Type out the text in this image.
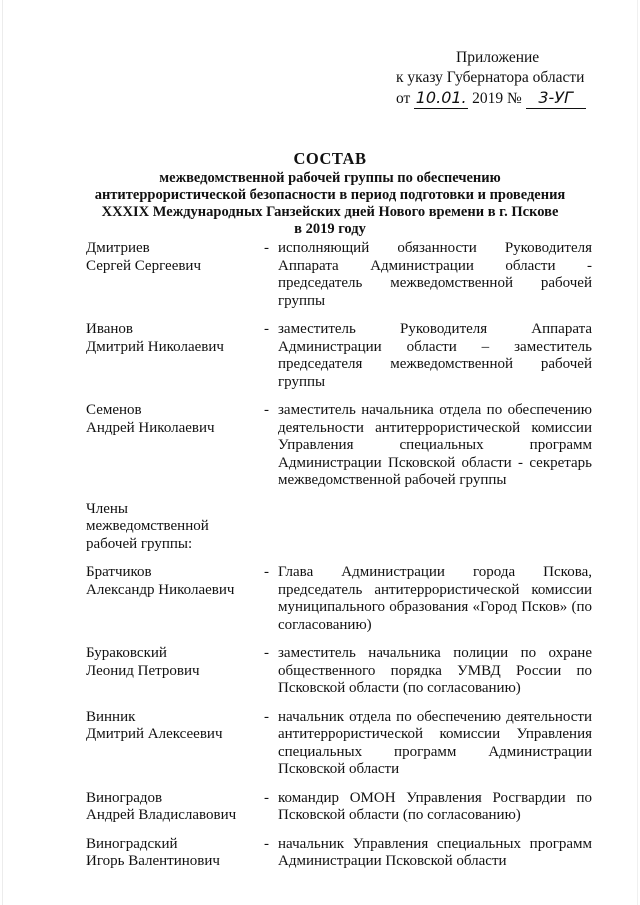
Приложение
к указу Губернатора области
от 10.01. 2019 № 3-УГ
СОСТАВ
межведомственной рабочей группы по обеспечению
антитеррористической безопасности в период подготовки и проведения
XXXIX Международных Ганзейских дней Нового времени в г. Пскове
в 2019 году
Дмитриев
Сергей Сергеевич
- исполняющий обязанности Руководителя Аппарата Администрации области - председатель межведомственной рабочей группы
Иванов
Дмитрий Николаевич
- заместитель Руководителя Аппарата Администрации области – заместитель председателя межведомственной рабочей группы
Семенов
Андрей Николаевич
- заместитель начальника отдела по обеспечению деятельности антитеррористической комиссии Управления специальных программ Администрации Псковской области - секретарь межведомственной рабочей группы
Члены
межведомственной
рабочей группы:
Братчиков
Александр Николаевич
- Глава Администрации города Пскова, председатель антитеррористической комиссии муниципального образования «Город Псков» (по согласованию)
Бураковский
Леонид Петрович
- заместитель начальника полиции по охране общественного порядка УМВД России по Псковской области (по согласованию)
Винник
Дмитрий Алексеевич
- начальник отдела по обеспечению деятельности антитеррористической комиссии Управления специальных программ Администрации Псковской области
Виноградов
Андрей Владиславович
- командир ОМОН Управления Росгвардии по Псковской области (по согласованию)
Виноградский
Игорь Валентинович
- начальник Управления специальных программ Администрации Псковской области
